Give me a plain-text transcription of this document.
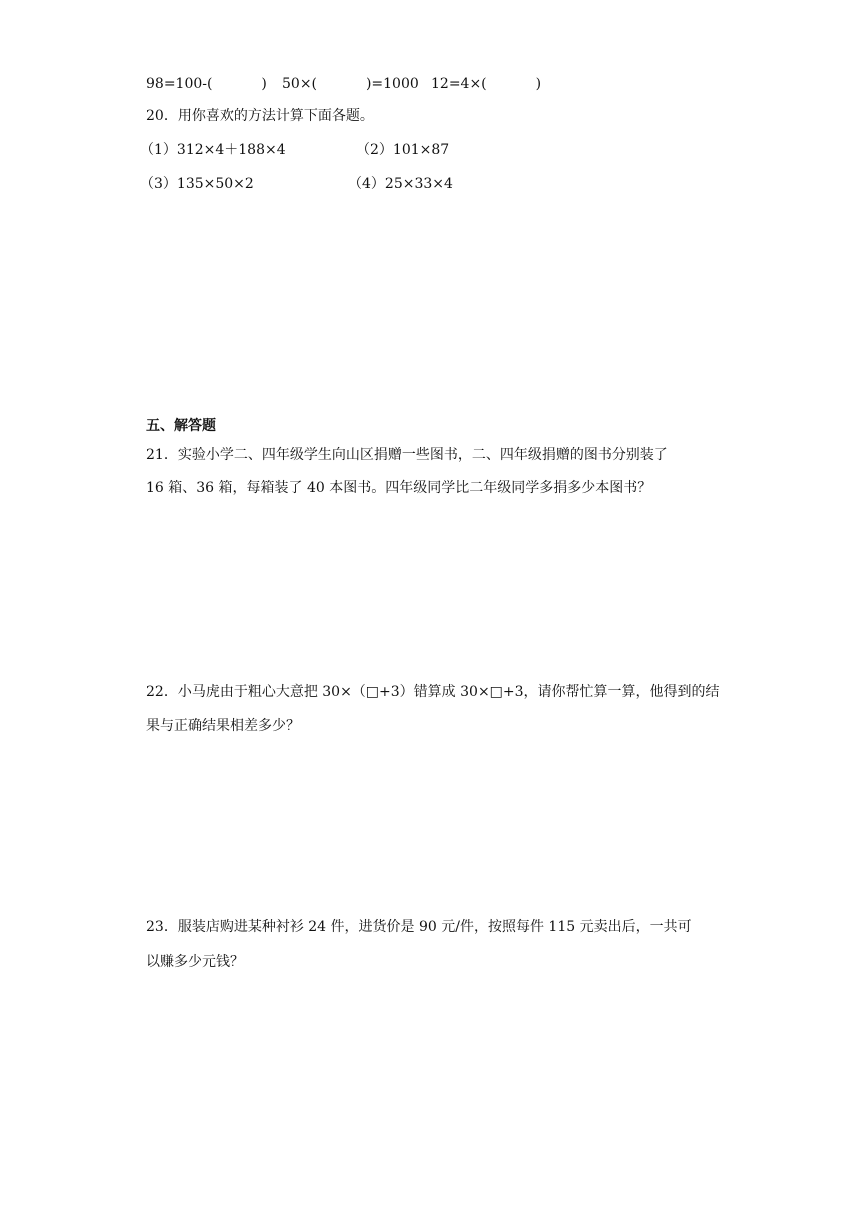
98=100-(           ) 50×(           )=1000 12=4×(           )
20．用你喜欢的方法计算下面各题。
（1）312×4＋188×4	（2）101×87
（3）135×50×2	（4）25×33×4
五、解答题
21．实验小学二、四年级学生向山区捐赠一些图书，二、四年级捐赠的图书分别装了
16 箱、36 箱，每箱装了 40 本图书。四年级同学比二年级同学多捐多少本图书？
22．小马虎由于粗心大意把 30×（□+3）错算成 30×□+3，请你帮忙算一算，他得到的结
果与正确结果相差多少？
23．服装店购进某种衬衫 24 件，进货价是 90 元/件，按照每件 115 元卖出后，一共可
以赚多少元钱？
